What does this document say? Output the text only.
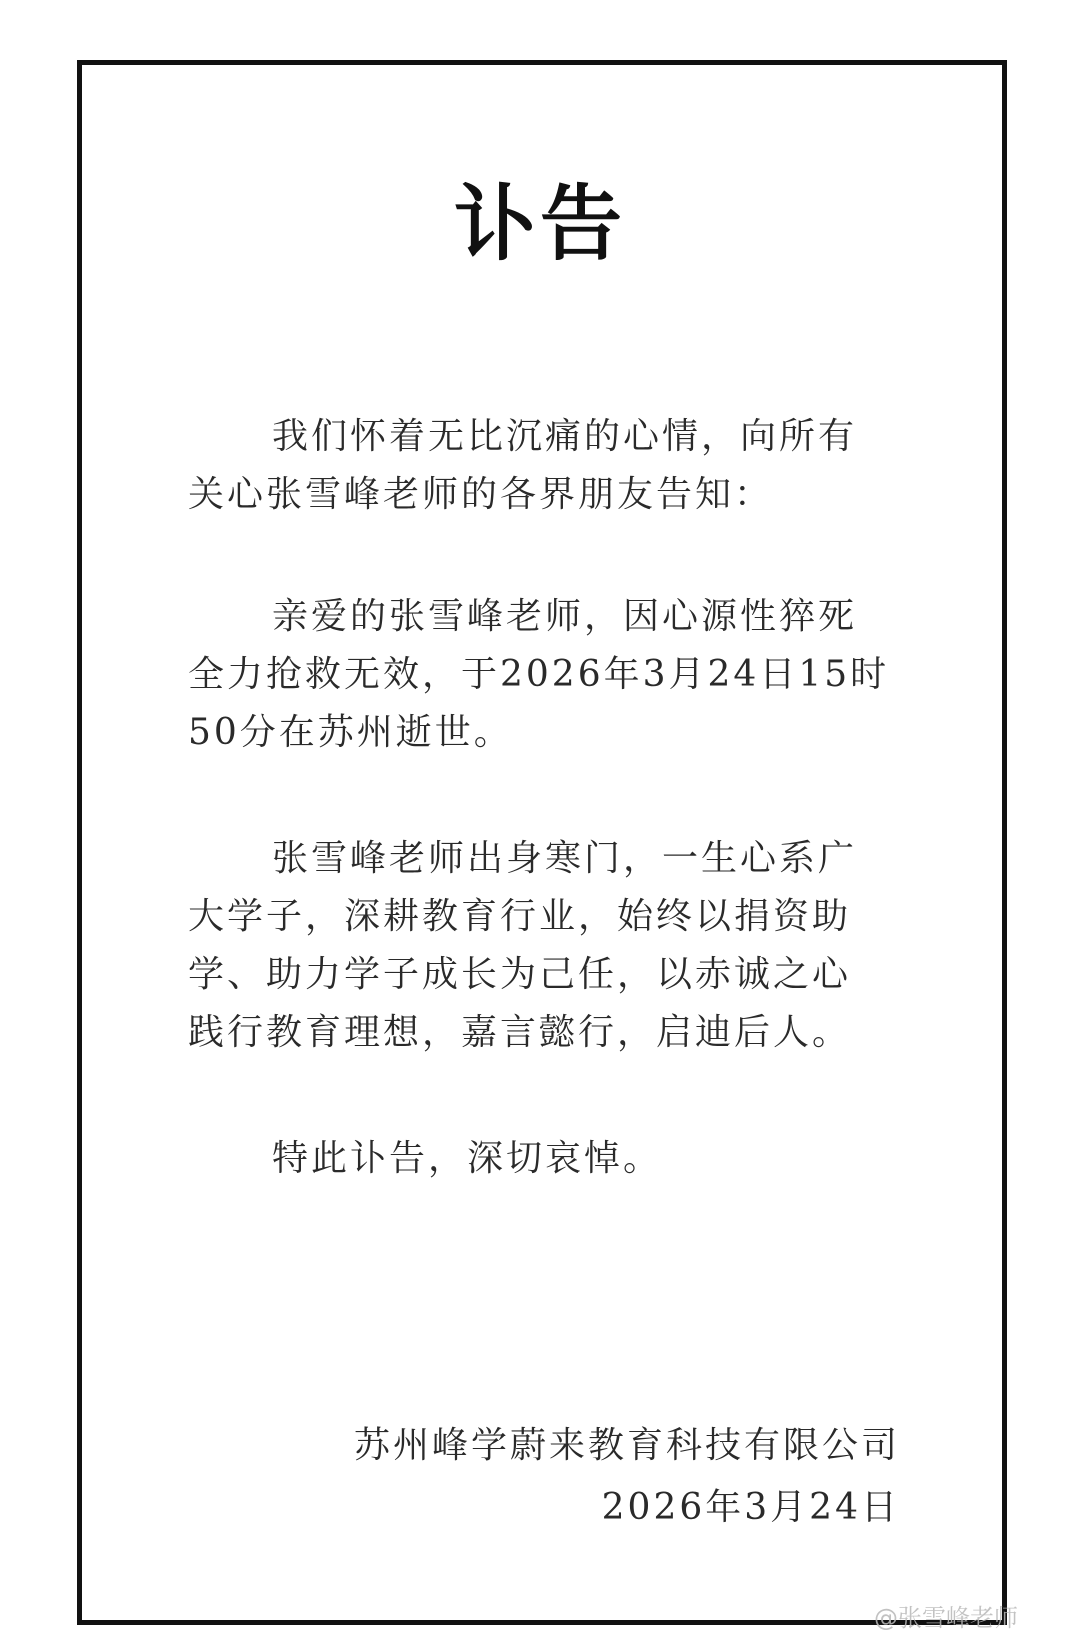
讣告
我们怀着无比沉痛的心情，向所有
关心张雪峰老师的各界朋友告知：
亲爱的张雪峰老师，因心源性猝死
全力抢救无效，于2026年3月24日15时
50分在苏州逝世。
张雪峰老师出身寒门，一生心系广
大学子，深耕教育行业，始终以捐资助
学、助力学子成长为己任，以赤诚之心
践行教育理想，嘉言懿行，启迪后人。
特此讣告，深切哀悼。
苏州峰学蔚来教育科技有限公司
2026年3月24日
@张雪峰老师
